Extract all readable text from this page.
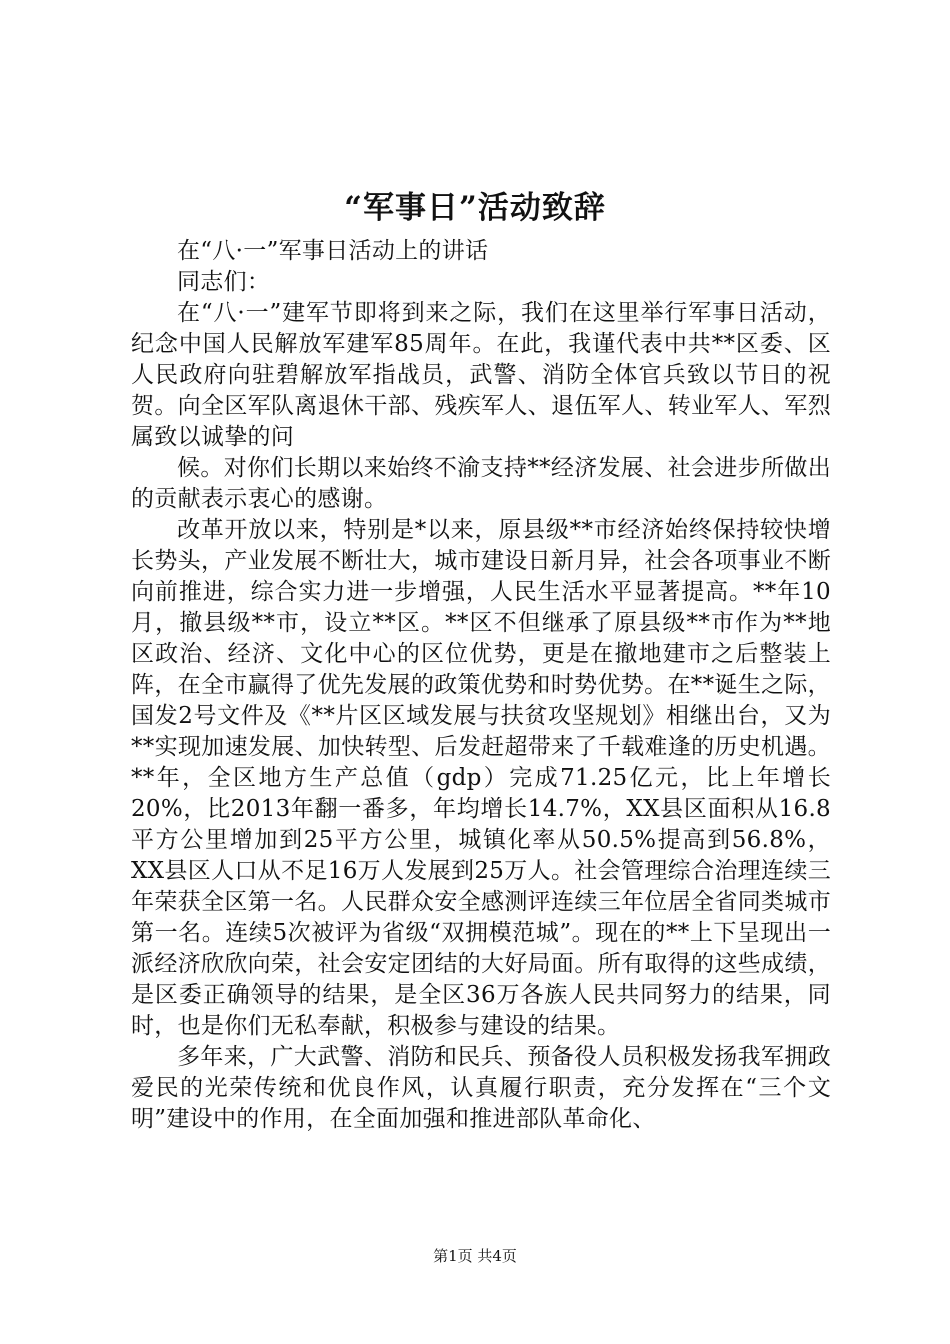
“军事日”活动致辞

在“八·一”军事日活动上的讲话

同志们：

在“八·一”建军节即将到来之际，我们在这里举行军事日活动，纪念中国人民解放军建军85周年。在此，我谨代表中共**区委、区人民政府向驻碧解放军指战员，武警、消防全体官兵致以节日的祝贺。向全区军队离退休干部、残疾军人、退伍军人、转业军人、军烈属致以诚挚的问

候。对你们长期以来始终不渝支持**经济发展、社会进步所做出的贡献表示衷心的感谢。

改革开放以来，特别是*以来，原县级**市经济始终保持较快增长势头，产业发展不断壮大，城市建设日新月异，社会各项事业不断向前推进，综合实力进一步增强，人民生活水平显著提高。**年10月，撤县级**市，设立**区。**区不但继承了原县级**市作为**地区政治、经济、文化中心的区位优势，更是在撤地建市之后整装上阵，在全市赢得了优先发展的政策优势和时势优势。在**诞生之际，国发2号文件及《**片区区域发展与扶贫攻坚规划》相继出台，又为**实现加速发展、加快转型、后发赶超带来了千载难逢的历史机遇。**年，全区地方生产总值（gdp）完成71.25亿元，比上年增长20%，比2013年翻一番多，年均增长14.7%，XX县区面积从16.8平方公里增加到25平方公里，城镇化率从50.5%提高到56.8%，XX县区人口从不足16万人发展到25万人。社会管理综合治理连续三年荣获全区第一名。人民群众安全感测评连续三年位居全省同类城市第一名。连续5次被评为省级“双拥模范城”。现在的**上下呈现出一派经济欣欣向荣，社会安定团结的大好局面。所有取得的这些成绩，是区委正确领导的结果，是全区36万各族人民共同努力的结果，同时，也是你们无私奉献，积极参与建设的结果。

多年来，广大武警、消防和民兵、预备役人员积极发扬我军拥政爱民的光荣传统和优良作风，认真履行职责，充分发挥在“三个文明”建设中的作用，在全面加强和推进部队革命化、

第1页 共4页
